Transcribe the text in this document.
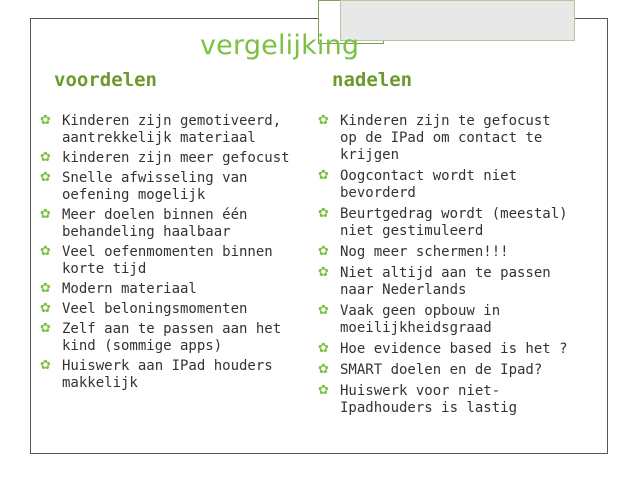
vergelijking
voordelen	nadelen
✿ Kinderen zijn gemotiveerd, aantrekkelijk materiaal
✿ kinderen zijn meer gefocust
✿ Snelle afwisseling van oefening mogelijk
✿ Meer doelen binnen één behandeling haalbaar
✿ Veel oefenmomenten binnen korte tijd
✿ Modern materiaal
✿ Veel beloningsmomenten
✿ Zelf aan te passen aan het kind (sommige apps)
✿ Huiswerk aan IPad houders makkelijk
✿ Kinderen zijn te gefocust op de IPad om contact te krijgen
✿ Oogcontact wordt niet bevorderd
✿ Beurtgedrag wordt (meestal) niet gestimuleerd
✿ Nog meer schermen!!!
✿ Niet altijd aan te passen naar Nederlands
✿ Vaak geen opbouw in moeilijkheidsgraad
✿ Hoe evidence based is het ?
✿ SMART doelen en de Ipad?
✿ Huiswerk voor niet-Ipadhouders is lastig
